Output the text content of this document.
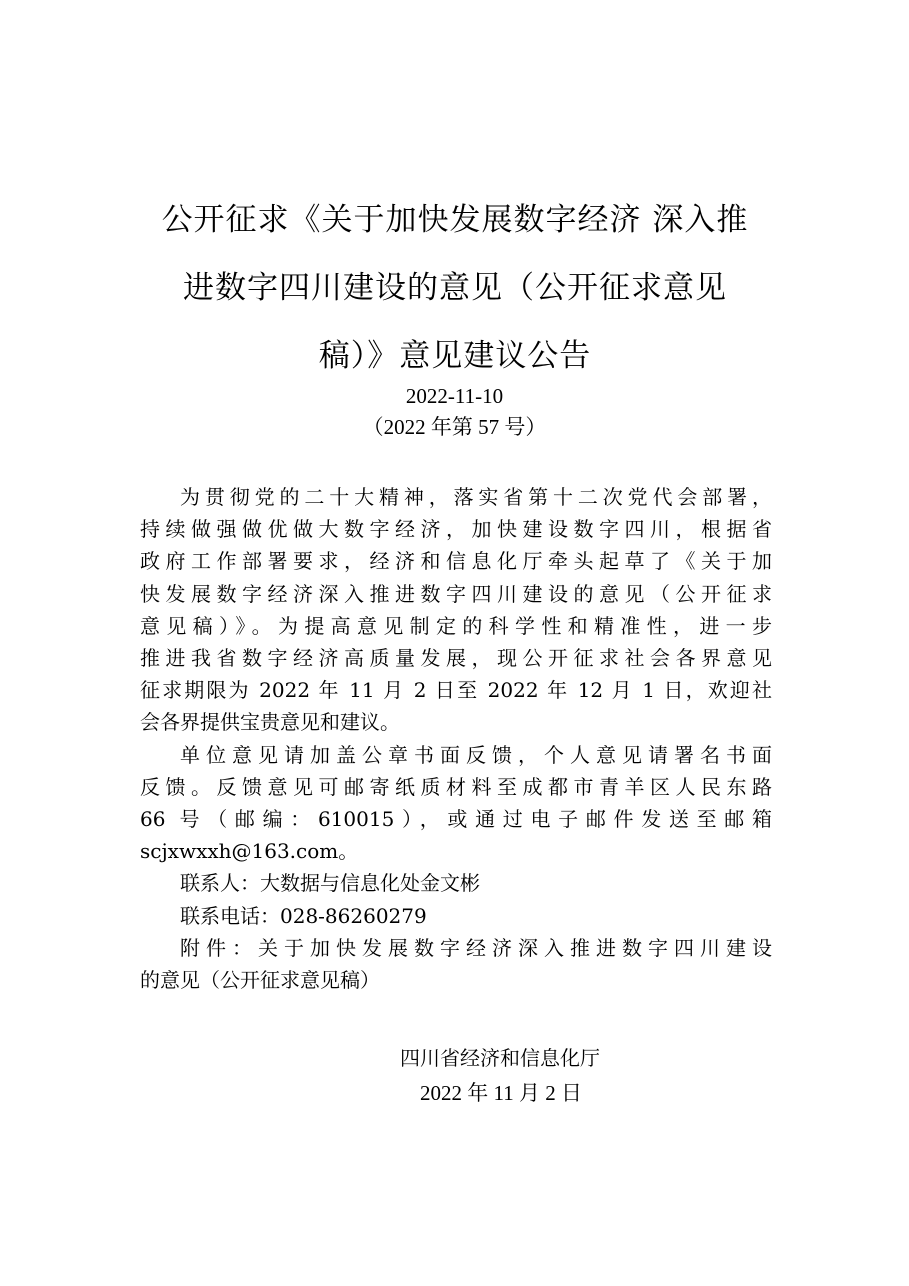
公开征求《关于加快发展数字经济 深入推
进数字四川建设的意见（公开征求意见
稿）》意见建议公告
2022-11-10
（2022 年第 57 号）
为贯彻党的二十大精神，落实省第十二次党代会部署，
持续做强做优做大数字经济，加快建设数字四川，根据省
政府工作部署要求，经济和信息化厅牵头起草了《关于加
快发展数字经济深入推进数字四川建设的意见（公开征求
意见稿）》。为提高意见制定的科学性和精准性，进一步
推进我省数字经济高质量发展，现公开征求社会各界意见
征求期限为 2022 年 11 月 2 日至 2022 年 12 月 1 日，欢迎社
会各界提供宝贵意见和建议。
单位意见请加盖公章书面反馈，个人意见请署名书面
反馈。反馈意见可邮寄纸质材料至成都市青羊区人民东路
66 号（邮编：610015），或通过电子邮件发送至邮箱
scjxwxxh@163.com。
联系人：大数据与信息化处金文彬
联系电话：028-86260279
附件：关于加快发展数字经济深入推进数字四川建设
的意见（公开征求意见稿）
四川省经济和信息化厅
2022 年 11 月 2 日
